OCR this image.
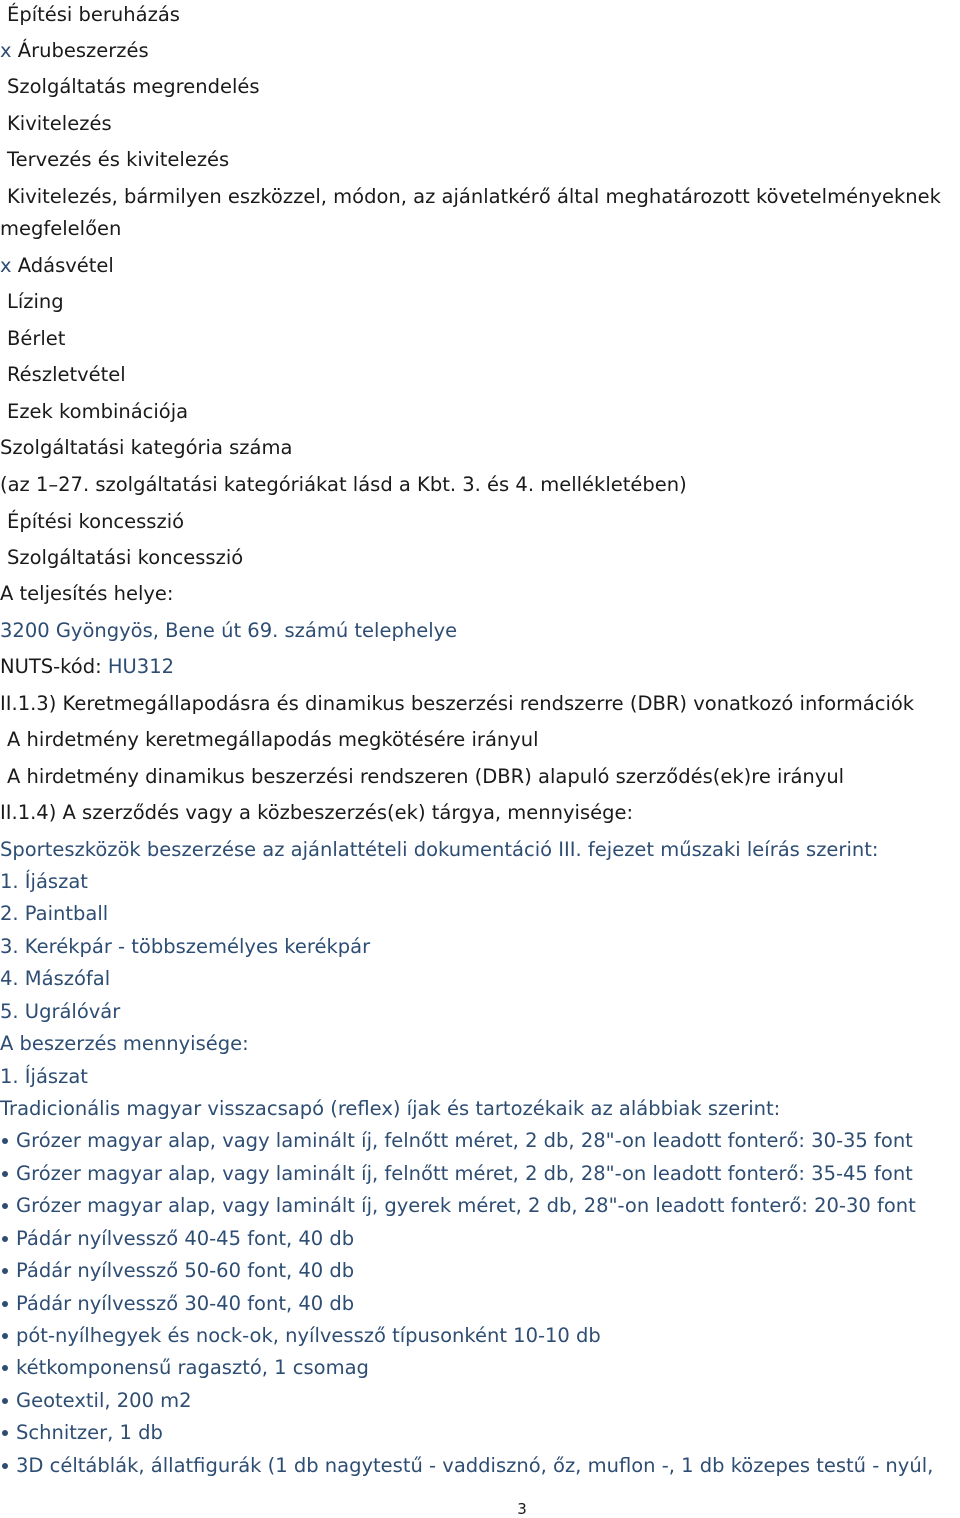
Építési beruházás
x Árubeszerzés
Szolgáltatás megrendelés
Kivitelezés
Tervezés és kivitelezés
Kivitelezés, bármilyen eszközzel, módon, az ajánlatkérő által meghatározott követelményeknek
megfelelően
x Adásvétel
Lízing
Bérlet
Részletvétel
Ezek kombinációja
Szolgáltatási kategória száma
(az 1–27. szolgáltatási kategóriákat lásd a Kbt. 3. és 4. mellékletében)
Építési koncesszió
Szolgáltatási koncesszió
A teljesítés helye:
3200 Gyöngyös, Bene út 69. számú telephelye
NUTS-kód: HU312
II.1.3) Keretmegállapodásra és dinamikus beszerzési rendszerre (DBR) vonatkozó információk
A hirdetmény keretmegállapodás megkötésére irányul
A hirdetmény dinamikus beszerzési rendszeren (DBR) alapuló szerződés(ek)re irányul
II.1.4) A szerződés vagy a közbeszerzés(ek) tárgya, mennyisége:
Sporteszközök beszerzése az ajánlattételi dokumentáció III. fejezet műszaki leírás szerint:
1. Íjászat
2. Paintball
3. Kerékpár - többszemélyes kerékpár
4. Mászófal
5. Ugrálóvár
A beszerzés mennyisége:
1. Íjászat
Tradicionális magyar visszacsapó (reflex) íjak és tartozékaik az alábbiak szerint:
Grózer magyar alap, vagy laminált íj, felnőtt méret, 2 db, 28"-on leadott fonterő: 30-35 font
Grózer magyar alap, vagy laminált íj, felnőtt méret, 2 db, 28"-on leadott fonterő: 35-45 font
Grózer magyar alap, vagy laminált íj, gyerek méret, 2 db, 28"-on leadott fonterő: 20-30 font
Pádár nyílvessző 40-45 font, 40 db
Pádár nyílvessző 50-60 font, 40 db
Pádár nyílvessző 30-40 font, 40 db
pót-nyílhegyek és nock-ok, nyílvessző típusonként 10-10 db
kétkomponensű ragasztó, 1 csomag
Geotextil, 200 m2
Schnitzer, 1 db
3D céltáblák, állatfigurák (1 db nagytestű - vaddisznó, őz, muflon -, 1 db közepes testű - nyúl,
3
